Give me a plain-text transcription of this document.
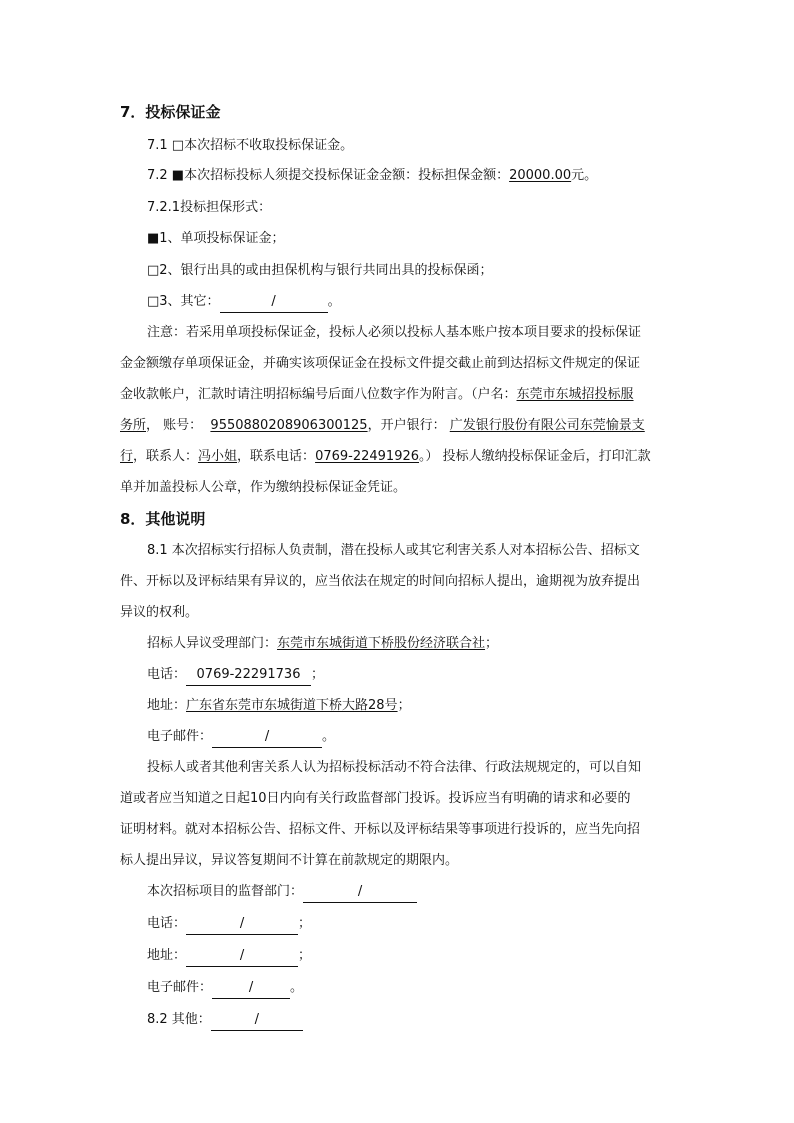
7．投标保证金
7.1 □本次招标不收取投标保证金。
7.2 ■本次招标投标人须提交投标保证金金额：投标担保金额：20000.00元。
7.2.1投标担保形式：
■1、单项投标保证金；
□2、银行出具的或由担保机构与银行共同出具的投标保函；
□3、其它：	/	。
注意：若采用单项投标保证金，投标人必须以投标人基本账户按本项目要求的投标保证
金金额缴存单项保证金，并确实该项保证金在投标文件提交截止前到达招标文件规定的保证
金收款帐户，汇款时请注明招标编号后面八位数字作为附言。（户名：东莞市东城招投标服
务所， 账号： 9550880208906300125，开户银行： 广发银行股份有限公司东莞愉景支
行，联系人：冯小姐，联系电话：0769-22491926。） 投标人缴纳投标保证金后，打印汇款
单并加盖投标人公章，作为缴纳投标保证金凭证。
8．其他说明
8.1 本次招标实行招标人负责制，潜在投标人或其它利害关系人对本招标公告、招标文
件、开标以及评标结果有异议的，应当依法在规定的时间向招标人提出，逾期视为放弃提出
异议的权利。
招标人异议受理部门：东莞市东城街道下桥股份经济联合社；
电话： 0769-22291736 ；
地址：广东省东莞市东城街道下桥大路28号；
电子邮件：	/	。
投标人或者其他利害关系人认为招标投标活动不符合法律、行政法规规定的，可以自知
道或者应当知道之日起10日内向有关行政监督部门投诉。投诉应当有明确的请求和必要的
证明材料。就对本招标公告、招标文件、开标以及评标结果等事项进行投诉的，应当先向招
标人提出异议，异议答复期间不计算在前款规定的期限内。
本次招标项目的监督部门：	/
电话：	/	；
地址：	/	；
电子邮件：	/	。
8.2 其他：	/
